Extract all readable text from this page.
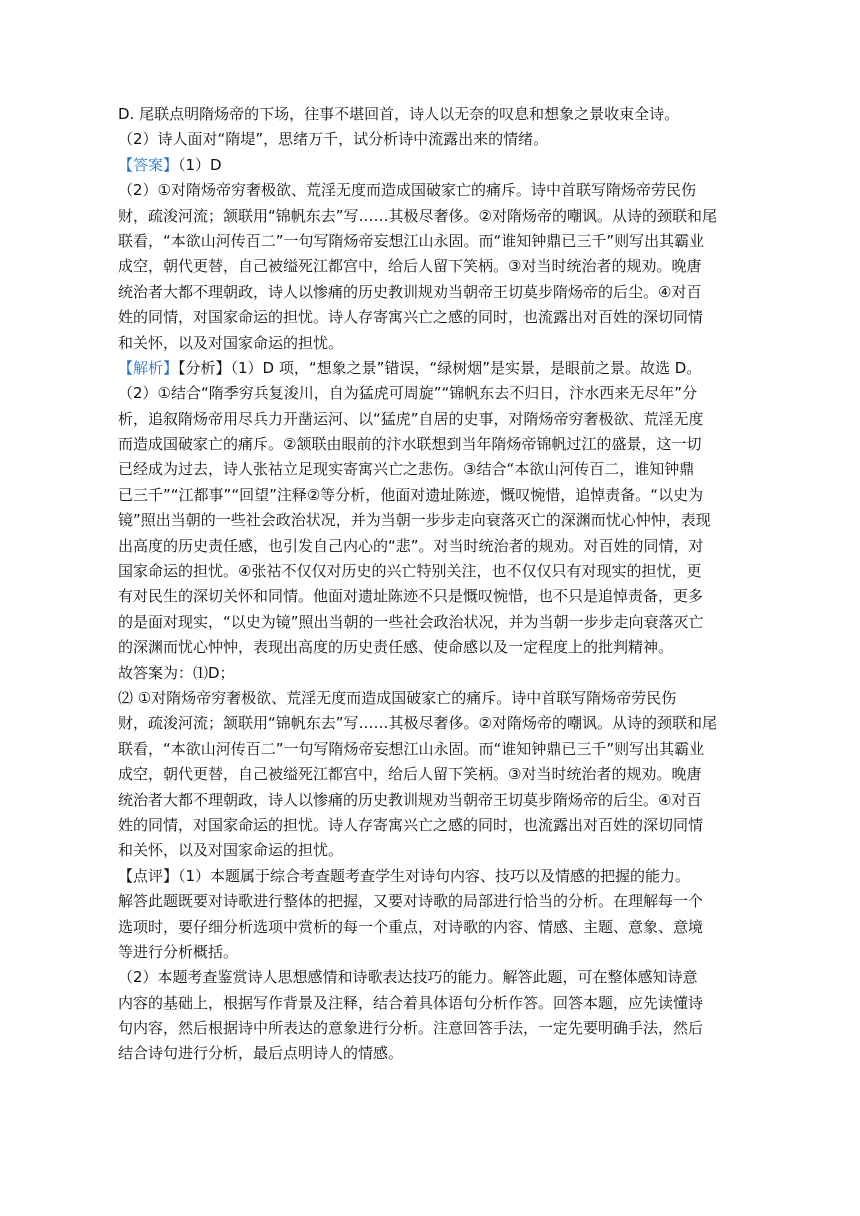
D. 尾联点明隋炀帝的下场，往事不堪回首，诗人以无奈的叹息和想象之景收束全诗。
（2）诗人面对“隋堤”，思绪万千，试分析诗中流露出来的情绪。
【答案】（1）D
（2）①对隋炀帝穷奢极欲、荒淫无度而造成国破家亡的痛斥。诗中首联写隋炀帝劳民伤
财，疏浚河流；颔联用“锦帆东去”写……其极尽奢侈。②对隋炀帝的嘲讽。从诗的颈联和尾
联看，“本欲山河传百二”一句写隋炀帝妄想江山永固。而“谁知钟鼎已三千”则写出其霸业
成空，朝代更替，自己被缢死江都宫中，给后人留下笑柄。③对当时统治者的规劝。晚唐
统治者大都不理朝政，诗人以惨痛的历史教训规劝当朝帝王切莫步隋炀帝的后尘。④对百
姓的同情，对国家命运的担忧。诗人存寄寓兴亡之感的同时，也流露出对百姓的深切同情
和关怀，以及对国家命运的担忧。
【解析】【分析】（1）D 项，“想象之景”错误，“绿树烟”是实景，是眼前之景。故选 D。
（2）①结合“隋季穷兵复浚川，自为猛虎可周旋”“锦帆东去不归日，汴水西来无尽年”分
析，追叙隋炀帝用尽兵力开凿运河、以“猛虎”自居的史事，对隋炀帝穷奢极欲、荒淫无度
而造成国破家亡的痛斥。②颔联由眼前的汴水联想到当年隋炀帝锦帆过江的盛景，这一切
已经成为过去，诗人张祜立足现实寄寓兴亡之悲伤。③结合“本欲山河传百二，谁知钟鼎
已三千”“江都事”“回望”注释②等分析，他面对遗址陈迹，慨叹惋惜，追悼责备。“以史为
镜”照出当朝的一些社会政治状况，并为当朝一步步走向衰落灭亡的深渊而忧心忡忡，表现
出高度的历史责任感，也引发自己内心的“悲”。对当时统治者的规劝。对百姓的同情，对
国家命运的担忧。④张祜不仅仅对历史的兴亡特别关注，也不仅仅只有对现实的担忧，更
有对民生的深切关怀和同情。他面对遗址陈迹不只是慨叹惋惜，也不只是追悼责备，更多
的是面对现实，“以史为镜”照出当朝的一些社会政治状况，并为当朝一步步走向衰落灭亡
的深渊而忧心忡忡，表现出高度的历史责任感、使命感以及一定程度上的批判精神。
故答案为：⑴D；
⑵ ①对隋炀帝穷奢极欲、荒淫无度而造成国破家亡的痛斥。诗中首联写隋炀帝劳民伤
财，疏浚河流；颔联用“锦帆东去”写……其极尽奢侈。②对隋炀帝的嘲讽。从诗的颈联和尾
联看，“本欲山河传百二”一句写隋炀帝妄想江山永固。而“谁知钟鼎已三千”则写出其霸业
成空，朝代更替，自己被缢死江都宫中，给后人留下笑柄。③对当时统治者的规劝。晚唐
统治者大都不理朝政，诗人以惨痛的历史教训规劝当朝帝王切莫步隋炀帝的后尘。④对百
姓的同情，对国家命运的担忧。诗人存寄寓兴亡之感的同时，也流露出对百姓的深切同情
和关怀，以及对国家命运的担忧。
【点评】（1）本题属于综合考查题考查学生对诗句内容、技巧以及情感的把握的能力。
解答此题既要对诗歌进行整体的把握，又要对诗歌的局部进行恰当的分析。在理解每一个
选项时，要仔细分析选项中赏析的每一个重点，对诗歌的内容、情感、主题、意象、意境
等进行分析概括。
（2）本题考查鉴赏诗人思想感情和诗歌表达技巧的能力。解答此题，可在整体感知诗意
内容的基础上，根据写作背景及注释，结合着具体语句分析作答。回答本题，应先读懂诗
句内容，然后根据诗中所表达的意象进行分析。注意回答手法，一定先要明确手法，然后
结合诗句进行分析，最后点明诗人的情感。
